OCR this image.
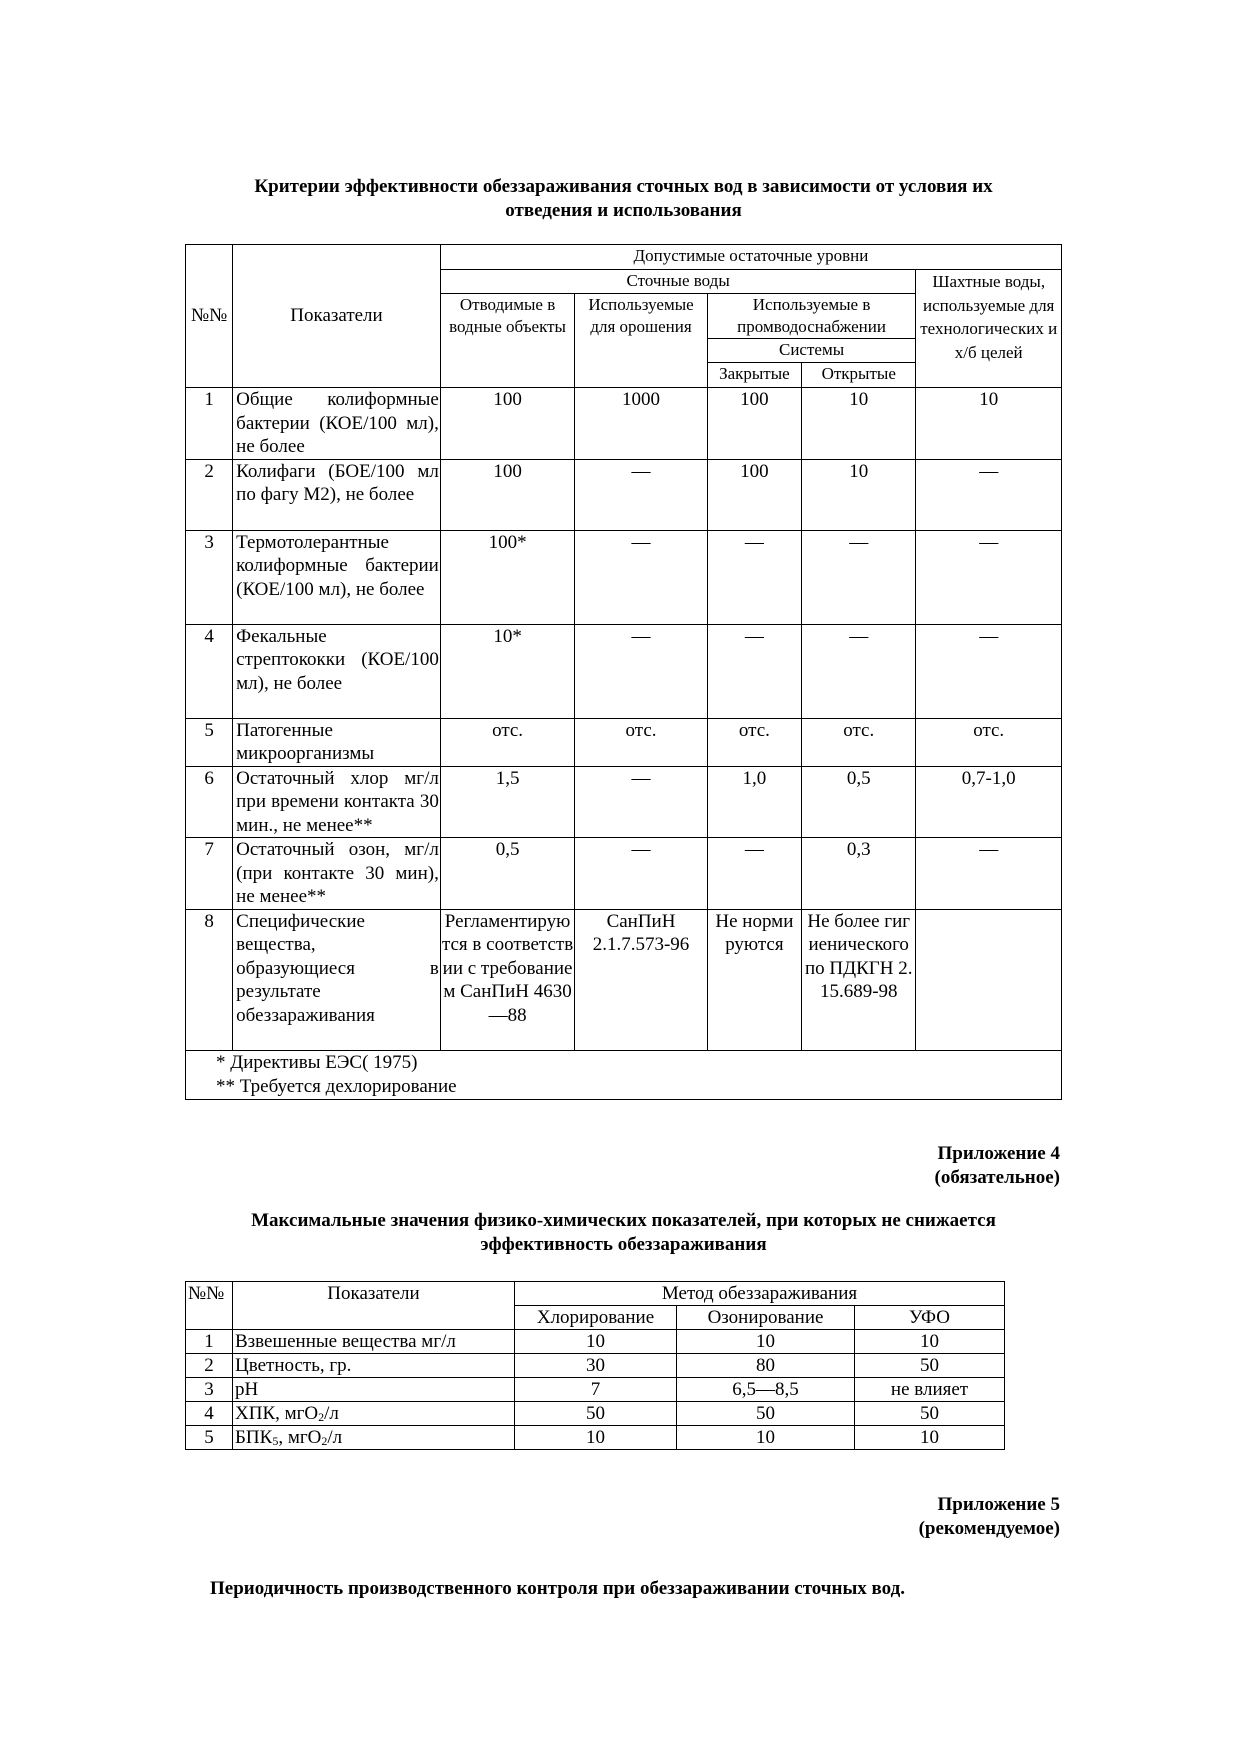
Критерии эффективности обеззараживания сточных вод в зависимости от условия их
отведения и использования
№№	Показатели	Допустимые остаточные уровни				
		Сточные воды				Шахтные воды, используемые для технологических и х/б целей
		Отводимые в водные объекты	Используемые для орошения	Используемые в промводоснабжении		
				Системы		
				Закрытые	Открытые	
1	Общие колиформные бактерии (КОЕ/100 мл), не более	100	1000	100	10	10
2	Колифаги (БОЕ/100 мл по фагу М2), не более	100	—	100	10	—
3	Термотолерантные колиформные бактерии (КОЕ/100 мл), не более	100*	—	—	—	—
4	Фекальные стрептококки (КОЕ/100 мл), не более	10*	—	—	—	—
5	Патогенные микроорганизмы	отс.	отс.	отс.	отс.	отс.
6	Остаточный хлор мг/л при времени контакта 30 мин., не менее**	1,5	—	1,0	0,5	0,7-1,0
7	Остаточный озон, мг/л (при контакте 30 мин), не менее**	0,5	—	—	0,3	—
8	Специфические вещества, образующиеся в результате обеззараживания	Регламентируются в соответствии с требованием СанПиН 4630—88	СанПиН 2.1.7.573-96	Не нормируются	Не более гигиенического по ПДКГН 2.15.689-98	

* Директивы ЕЭС( 1975)
** Требуется дехлорирование						
Приложение 4
(обязательное)
Максимальные значения физико-химических показателей, при которых не снижается
эффективность обеззараживания
№№	Показатели	Метод обеззараживания		
		Хлорирование	Озонирование	УФО
1	Взвешенные вещества мг/л	10	10	10
2	Цветность, гр.	30	80	50
3	рН	7	6,5—8,5	не влияет
4	ХПК, мгО$_2$/л	50	50	50
5	$БПК_5$, мгО$_2$/л	10	10	10
Приложение 5
(рекомендуемое)
Периодичность производственного контроля при обеззараживании сточных вод.
